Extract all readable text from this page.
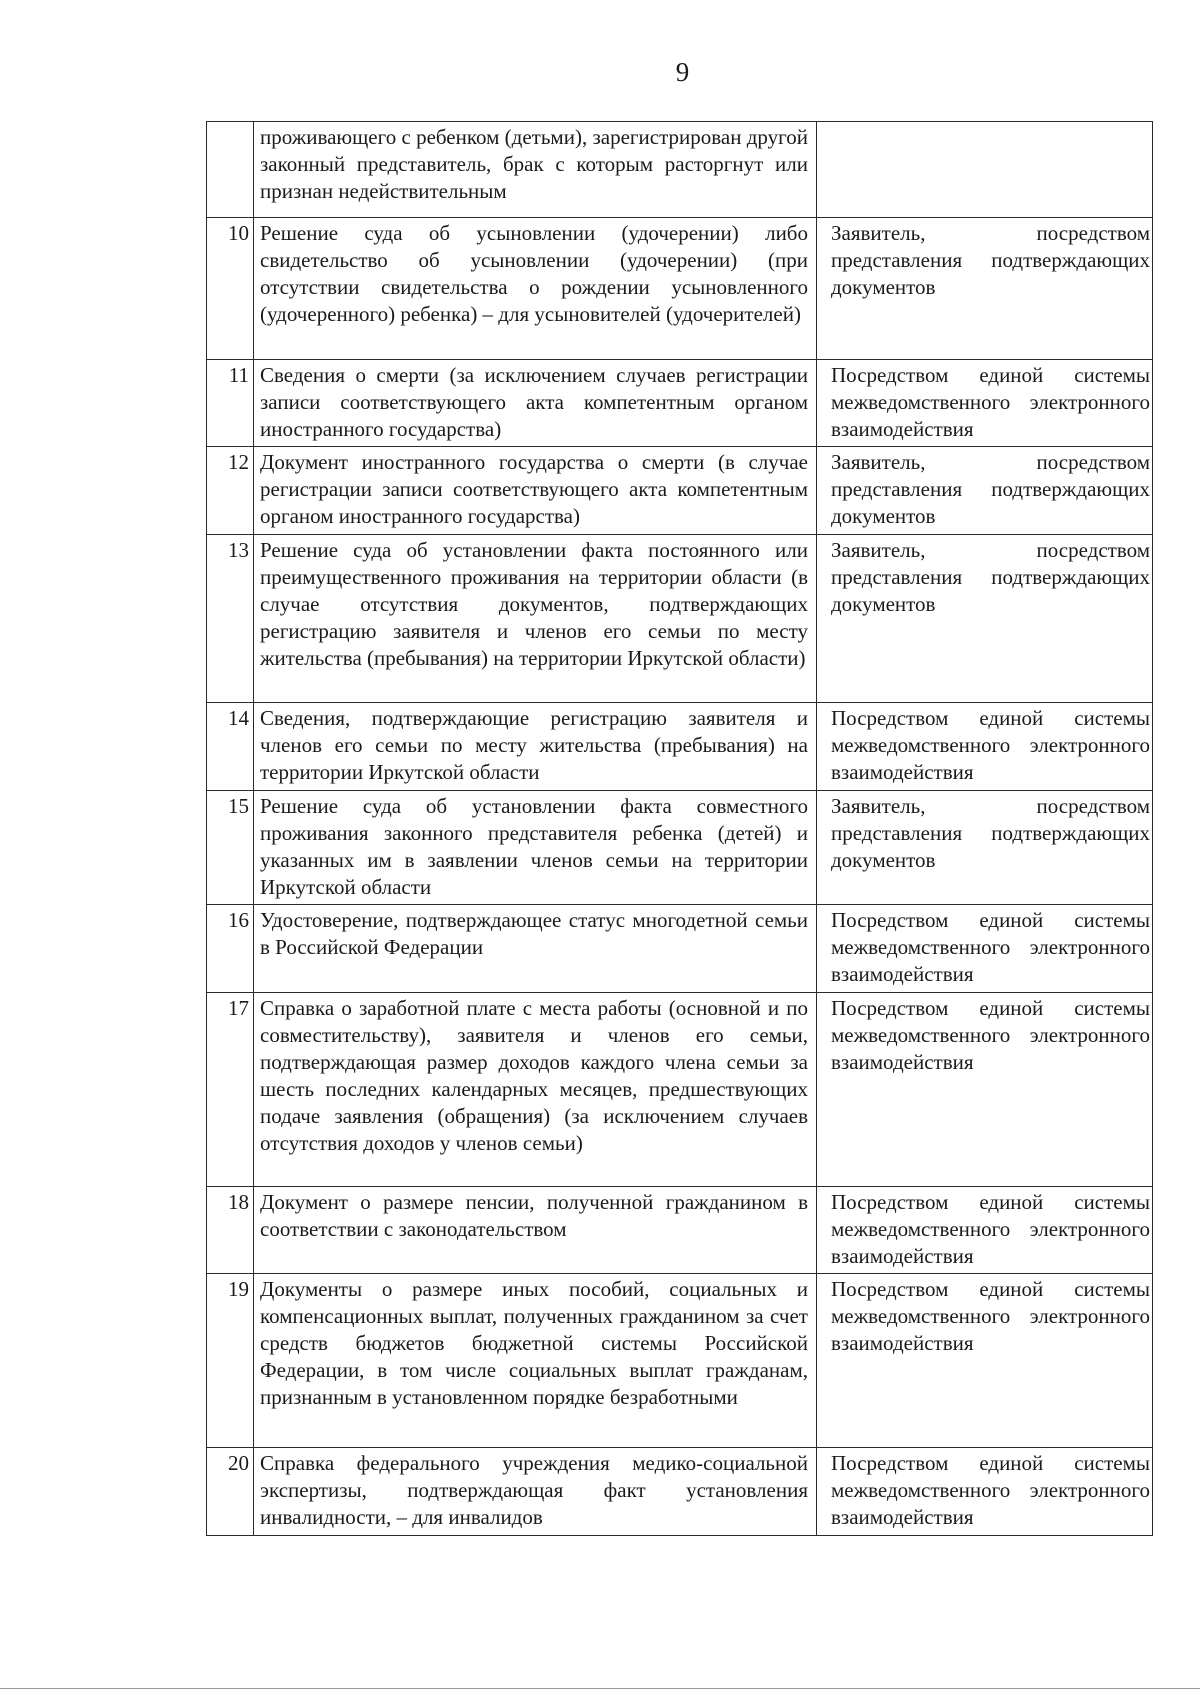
9
	проживающего с ребенком (детьми), зарегистрирован другой законный представитель, брак с которым расторгнут или признан недействительным	
10	Решение суда об усыновлении (удочерении) либо свидетельство об усыновлении (удочерении) (при отсутствии свидетельства о рождении усыновленного (удочеренного) ребенка) – для усыновителей (удочерителей)	Заявитель, посредством представления подтверждающих документов
11	Сведения о смерти (за исключением случаев регистрации записи соответствующего акта компетентным органом иностранного государства)	Посредством единой системы межведомственного электронного взаимодействия
12	Документ иностранного государства о смерти (в случае регистрации записи соответствующего акта компетентным органом иностранного государства)	Заявитель, посредством представления подтверждающих документов
13	Решение суда об установлении факта постоянного или преимущественного проживания на территории области (в случае отсутствия документов, подтверждающих регистрацию заявителя и членов его семьи по месту жительства (пребывания) на территории Иркутской области)	Заявитель, посредством представления подтверждающих документов
14	Сведения, подтверждающие регистрацию заявителя и членов его семьи по месту жительства (пребывания) на территории Иркутской области	Посредством единой системы межведомственного электронного взаимодействия
15	Решение суда об установлении факта совместного проживания законного представителя ребенка (детей) и указанных им в заявлении членов семьи на территории Иркутской области	Заявитель, посредством представления подтверждающих документов
16	Удостоверение, подтверждающее статус многодетной семьи в Российской Федерации	Посредством единой системы межведомственного электронного взаимодействия
17	Справка о заработной плате с места работы (основной и по совместительству), заявителя и членов его семьи, подтверждающая размер доходов каждого члена семьи за шесть последних календарных месяцев, предшествующих подаче заявления (обращения) (за исключением случаев отсутствия доходов у членов семьи)	Посредством единой системы межведомственного электронного взаимодействия
18	Документ о размере пенсии, полученной гражданином в соответствии с законодательством	Посредством единой системы межведомственного электронного взаимодействия
19	Документы о размере иных пособий, социальных и компенсационных выплат, полученных гражданином за счет средств бюджетов бюджетной системы Российской Федерации, в том числе социальных выплат гражданам, признанным в установленном порядке безработными	Посредством единой системы межведомственного электронного взаимодействия
20	Справка федерального учреждения медико-социальной экспертизы, подтверждающая факт установления инвалидности, – для инвалидов	Посредством единой системы межведомственного электронного взаимодействия
